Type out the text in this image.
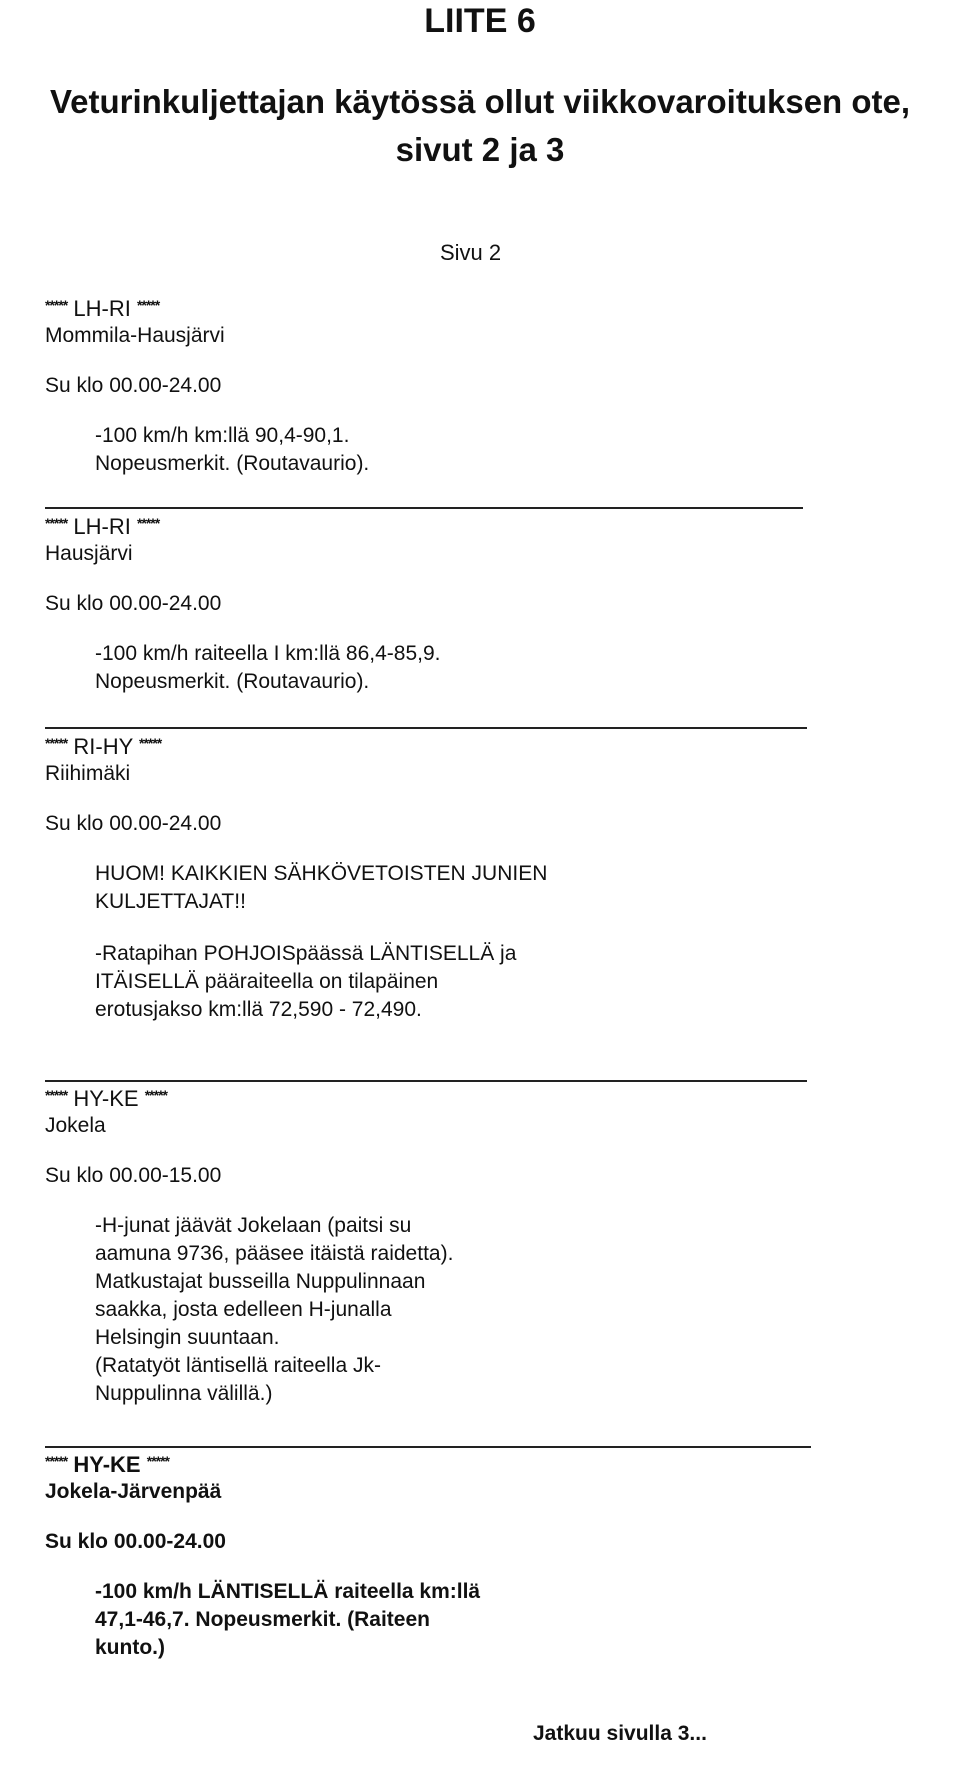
LIITE 6
Veturinkuljettajan käytössä ollut viikkovaroituksen ote, sivut 2 ja 3
Sivu 2
***** LH-RI *****
Mommila-Hausjärvi
Su klo 00.00-24.00
-100 km/h km:llä 90,4-90,1.
Nopeusmerkit. (Routavaurio).
***** LH-RI *****
Hausjärvi
Su klo 00.00-24.00
-100 km/h raiteella I km:llä 86,4-85,9.
Nopeusmerkit. (Routavaurio).
***** RI-HY *****
Riihimäki
Su klo 00.00-24.00
HUOM! KAIKKIEN SÄHKÖVETOISTEN JUNIEN
KULJETTAJAT!!
-Ratapihan POHJOISpäässä LÄNTISELLÄ ja
ITÄISELLÄ pääraiteella on tilapäinen
erotusjakso km:llä 72,590 - 72,490.
***** HY-KE *****
Jokela
Su klo 00.00-15.00
-H-junat jäävät Jokelaan (paitsi su
aamuna 9736, pääsee itäistä raidetta).
Matkustajat busseilla Nuppulinnaan
saakka, josta edelleen H-junalla
Helsingin suuntaan.
(Ratatyöt läntisellä raiteella Jk-
Nuppulinna välillä.)
***** HY-KE *****
Jokela-Järvenpää
Su klo 00.00-24.00
-100 km/h LÄNTISELLÄ raiteella km:llä
47,1-46,7. Nopeusmerkit. (Raiteen
kunto.)
Jatkuu sivulla 3...
